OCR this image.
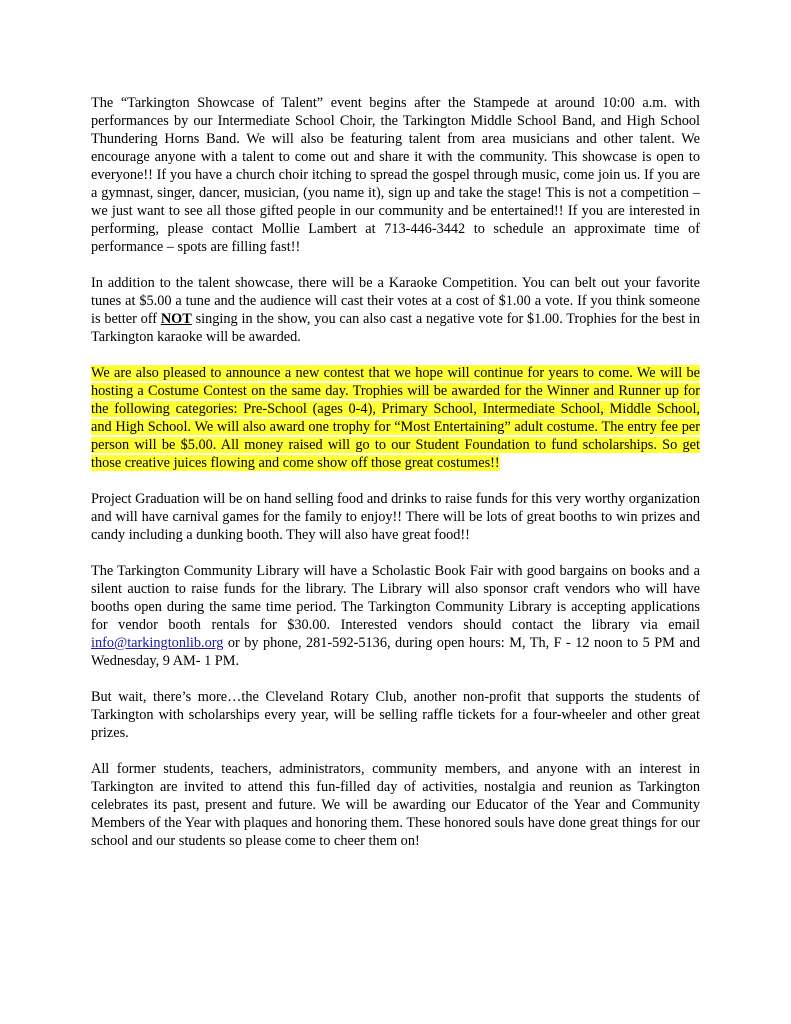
The “Tarkington Showcase of Talent” event begins after the Stampede at around 10:00 a.m. with performances by our Intermediate School Choir, the Tarkington Middle School Band, and High School Thundering Horns Band. We will also be featuring talent from area musicians and other talent. We encourage anyone with a talent to come out and share it with the community. This showcase is open to everyone!! If you have a church choir itching to spread the gospel through music, come join us. If you are a gymnast, singer, dancer, musician, (you name it), sign up and take the stage! This is not a competition – we just want to see all those gifted people in our community and be entertained!! If you are interested in performing, please contact Mollie Lambert at 713-446-3442 to schedule an approximate time of performance – spots are filling fast!!

In addition to the talent showcase, there will be a Karaoke Competition. You can belt out your favorite tunes at $5.00 a tune and the audience will cast their votes at a cost of $1.00 a vote. If you think someone is better off NOT singing in the show, you can also cast a negative vote for $1.00. Trophies for the best in Tarkington karaoke will be awarded.

We are also pleased to announce a new contest that we hope will continue for years to come. We will be hosting a Costume Contest on the same day. Trophies will be awarded for the Winner and Runner up for the following categories: Pre-School (ages 0-4), Primary School, Intermediate School, Middle School, and High School. We will also award one trophy for “Most Entertaining” adult costume. The entry fee per person will be $5.00. All money raised will go to our Student Foundation to fund scholarships. So get those creative juices flowing and come show off those great costumes!!

Project Graduation will be on hand selling food and drinks to raise funds for this very worthy organization and will have carnival games for the family to enjoy!! There will be lots of great booths to win prizes and candy including a dunking booth. They will also have great food!!

The Tarkington Community Library will have a Scholastic Book Fair with good bargains on books and a silent auction to raise funds for the library. The Library will also sponsor craft vendors who will have booths open during the same time period. The Tarkington Community Library is accepting applications for vendor booth rentals for $30.00. Interested vendors should contact the library via email info@tarkingtonlib.org or by phone, 281-592-5136, during open hours: M, Th, F - 12 noon to 5 PM and Wednesday, 9 AM- 1 PM.

But wait, there’s more…the Cleveland Rotary Club, another non-profit that supports the students of Tarkington with scholarships every year, will be selling raffle tickets for a four-wheeler and other great prizes.

All former students, teachers, administrators, community members, and anyone with an interest in Tarkington are invited to attend this fun-filled day of activities, nostalgia and reunion as Tarkington celebrates its past, present and future. We will be awarding our Educator of the Year and Community Members of the Year with plaques and honoring them. These honored souls have done great things for our school and our students so please come to cheer them on!
